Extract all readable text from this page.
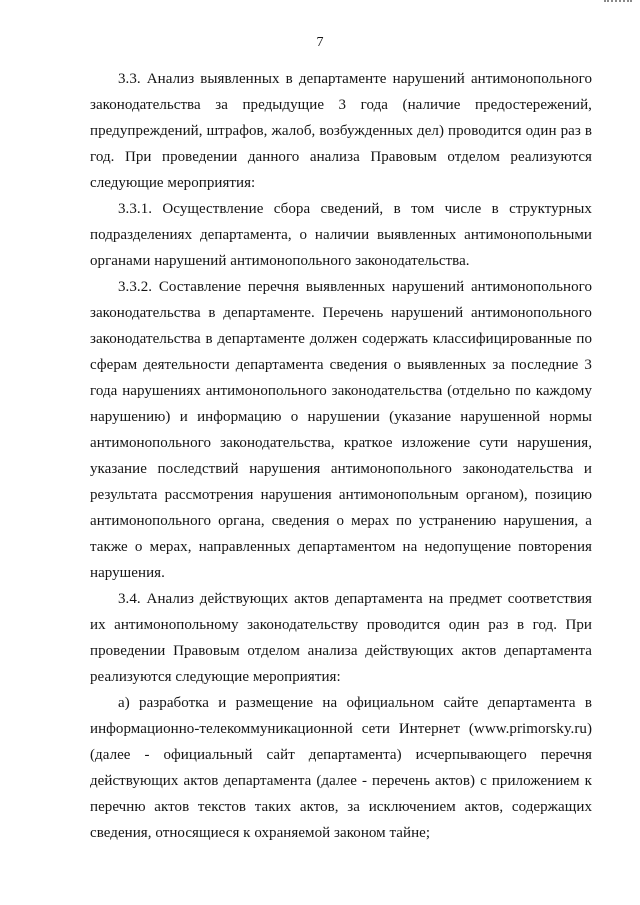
7

3.3. Анализ выявленных в департаменте нарушений антимонопольного законодательства за предыдущие 3 года (наличие предостережений, предупреждений, штрафов, жалоб, возбужденных дел) проводится один раз в год. При проведении данного анализа Правовым отделом реализуются следующие мероприятия:

3.3.1. Осуществление сбора сведений, в том числе в структурных подразделениях департамента, о наличии выявленных антимонопольными органами нарушений антимонопольного законодательства.

3.3.2. Составление перечня выявленных нарушений антимонопольного законодательства в департаменте. Перечень нарушений антимонопольного законодательства в департаменте должен содержать классифицированные по сферам деятельности департамента сведения о выявленных за последние 3 года нарушениях антимонопольного законодательства (отдельно по каждому нарушению) и информацию о нарушении (указание нарушенной нормы антимонопольного законодательства, краткое изложение сути нарушения, указание последствий нарушения антимонопольного законодательства и результата рассмотрения нарушения антимонопольным органом), позицию антимонопольного органа, сведения о мерах по устранению нарушения, а также о мерах, направленных департаментом на недопущение повторения нарушения.

3.4. Анализ действующих актов департамента на предмет соответствия их антимонопольному законодательству проводится один раз в год. При проведении Правовым отделом анализа действующих актов департамента реализуются следующие мероприятия:

а) разработка и размещение на официальном сайте департамента в информационно-телекоммуникационной сети Интернет (www.primorsky.ru) (далее - официальный сайт департамента) исчерпывающего перечня действующих актов департамента (далее - перечень актов) с приложением к перечню актов текстов таких актов, за исключением актов, содержащих сведения, относящиеся к охраняемой законом тайне;
